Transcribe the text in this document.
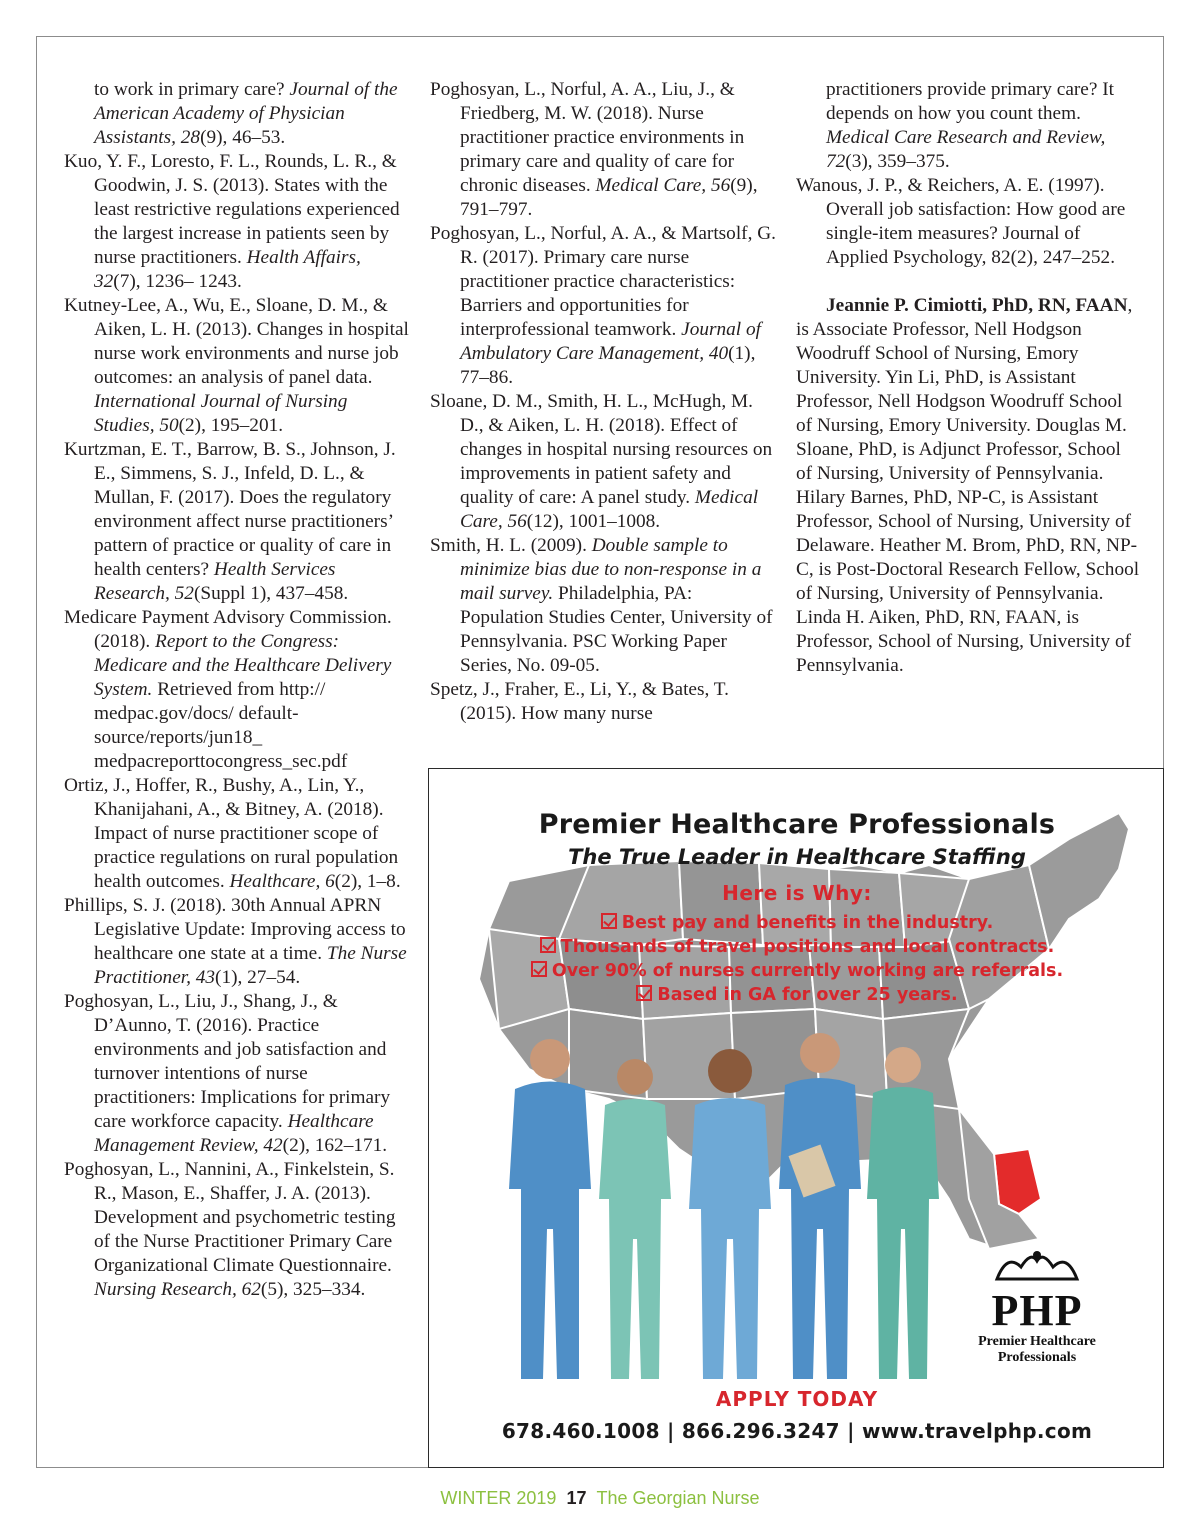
to work in primary care? Journal of the American Academy of Physician Assistants, 28(9), 46–53.

Kuo, Y. F., Loresto, F. L., Rounds, L. R., & Goodwin, J. S. (2013). States with the least restrictive regulations experienced the largest increase in patients seen by nurse practitioners. Health Affairs, 32(7), 1236– 1243.

Kutney-Lee, A., Wu, E., Sloane, D. M., & Aiken, L. H. (2013). Changes in hospital nurse work environments and nurse job outcomes: an analysis of panel data. International Journal of Nursing Studies, 50(2), 195–201.

Kurtzman, E. T., Barrow, B. S., Johnson, J. E., Simmens, S. J., Infeld, D. L., & Mullan, F. (2017). Does the regulatory environment affect nurse practitioners’ pattern of practice or quality of care in health centers? Health Services Research, 52(Suppl 1), 437–458.

Medicare Payment Advisory Commission. (2018). Report to the Congress: Medicare and the Healthcare Delivery System. Retrieved from http:// medpac.gov/docs/ default-source/reports/jun18_ medpacreporttocongress_sec.pdf

Ortiz, J., Hoffer, R., Bushy, A., Lin, Y., Khanijahani, A., & Bitney, A. (2018). Impact of nurse practitioner scope of practice regulations on rural population health outcomes. Healthcare, 6(2), 1–8.

Phillips, S. J. (2018). 30th Annual APRN Legislative Update: Improving access to healthcare one state at a time. The Nurse Practitioner, 43(1), 27–54.

Poghosyan, L., Liu, J., Shang, J., & D’Aunno, T. (2016). Practice environments and job satisfaction and turnover intentions of nurse practitioners: Implications for primary care workforce capacity. Healthcare Management Review, 42(2), 162–171.

Poghosyan, L., Nannini, A., Finkelstein, S. R., Mason, E., Shaffer, J. A. (2013). Development and psychometric testing of the Nurse Practitioner Primary Care Organizational Climate Questionnaire. Nursing Research, 62(5), 325–334.

Poghosyan, L., Norful, A. A., Liu, J., & Friedberg, M. W. (2018). Nurse practitioner practice environments in primary care and quality of care for chronic diseases. Medical Care, 56(9), 791–797.

Poghosyan, L., Norful, A. A., & Martsolf, G. R. (2017). Primary care nurse practitioner practice characteristics: Barriers and opportunities for interprofessional teamwork. Journal of Ambulatory Care Management, 40(1), 77–86.

Sloane, D. M., Smith, H. L., McHugh, M. D., & Aiken, L. H. (2018). Effect of changes in hospital nursing resources on improvements in patient safety and quality of care: A panel study. Medical Care, 56(12), 1001–1008.

Smith, H. L. (2009). Double sample to minimize bias due to non-response in a mail survey. Philadelphia, PA: Population Studies Center, University of Pennsylvania. PSC Working Paper Series, No. 09-05.

Spetz, J., Fraher, E., Li, Y., & Bates, T. (2015). How many nurse

practitioners provide primary care? It depends on how you count them. Medical Care Research and Review, 72(3), 359–375.

Wanous, J. P., & Reichers, A. E. (1997). Overall job satisfaction: How good are single-item measures? Journal of Applied Psychology, 82(2), 247–252.

Jeannie P. Cimiotti, PhD, RN, FAAN, is Associate Professor, Nell Hodgson Woodruff School of Nursing, Emory University. Yin Li, PhD, is Assistant Professor, Nell Hodgson Woodruff School of Nursing, Emory University. Douglas M. Sloane, PhD, is Adjunct Professor, School of Nursing, University of Pennsylvania. Hilary Barnes, PhD, NP-C, is Assistant Professor, School of Nursing, University of Delaware. Heather M. Brom, PhD, RN, NP-C, is Post-Doctoral Research Fellow, School of Nursing, University of Pennsylvania. Linda H. Aiken, PhD, RN, FAAN, is Professor, School of Nursing, University of Pennsylvania.

Premier Healthcare Professionals
The True Leader in Healthcare Staffing
Here is Why:
Best pay and benefits in the industry.
Thousands of travel positions and local contracts.
Over 90% of nurses currently working are referrals.
Based in GA for over 25 years.
PHP
Premier Healthcare
Professionals
APPLY TODAY
678.460.1008 | 866.296.3247 | www.travelphp.com
WINTER 2019 17 The Georgian Nurse
